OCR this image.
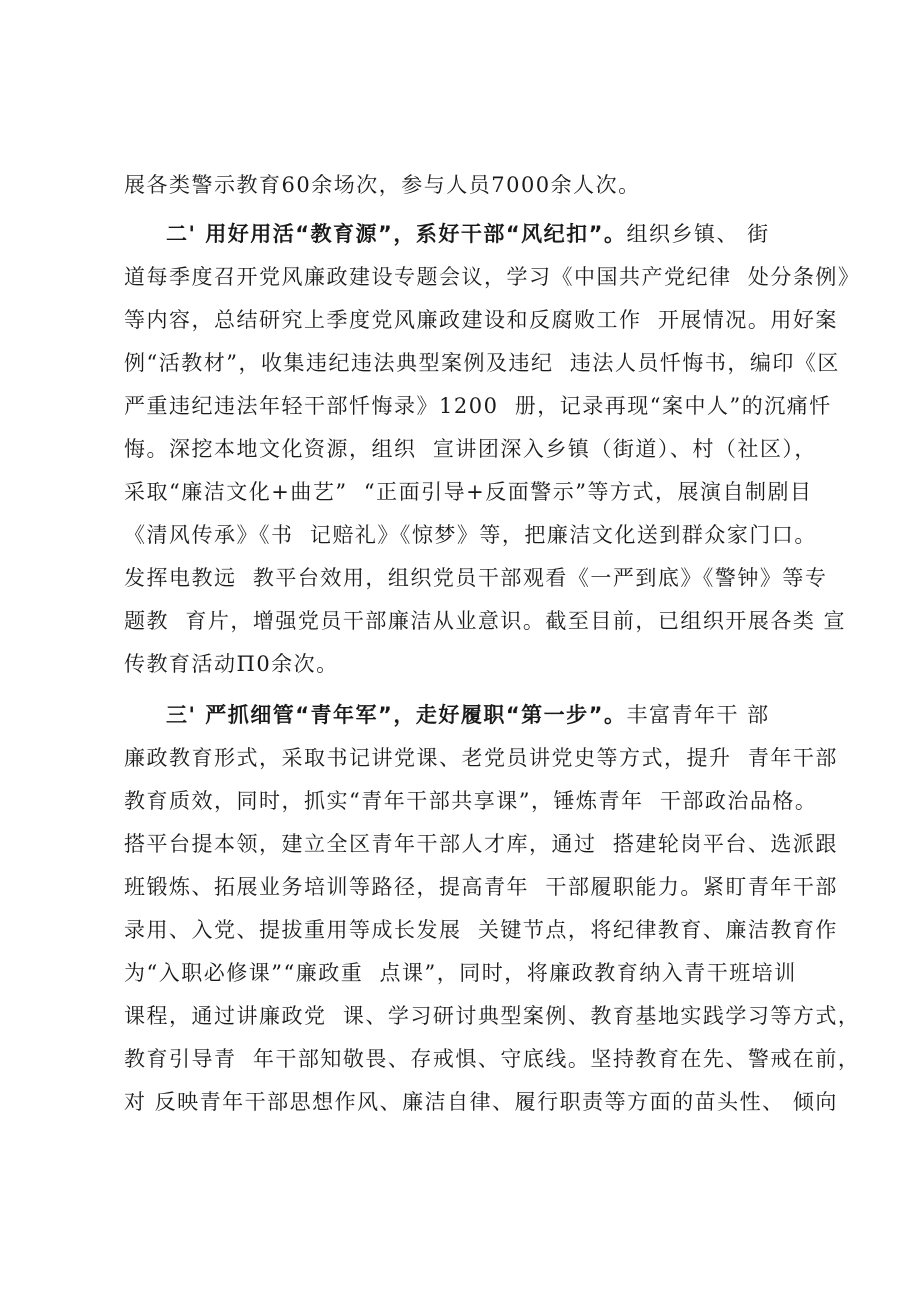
展各类警示教育60余场次，参与人员7000余人次。
二' 用好用活“教育源”，系好干部“风纪扣”。组织乡镇、 街
道每季度召开党风廉政建设专题会议，学习《中国共产党纪律  处分条例》
等内容，总结研究上季度党风廉政建设和反腐败工作  开展情况。用好案
例“活教材”，收集违纪违法典型案例及违纪  违法人员忏悔书，编印《区
严重违纪违法年轻干部忏悔录》1200  册，记录再现“案中人”的沉痛忏
悔。深挖本地文化资源，组织  宣讲团深入乡镇（街道）、村（社区），
采取“廉洁文化+曲艺”  “正面引导+反面警示”等方式，展演自制剧目
《清风传承》《书  记赔礼》《惊梦》等，把廉洁文化送到群众家门口。
发挥电教远  教平台效用，组织党员干部观看《一严到底》《警钟》等专
题教  育片，增强党员干部廉洁从业意识。截至目前，已组织开展各类 宣
传教育活动Π0余次。
三' 严抓细管“青年军”，走好履职“第一步”。丰富青年干 部
廉政教育形式，采取书记讲党课、老党员讲党史等方式，提升  青年干部
教育质效，同时，抓实“青年干部共享课”，锤炼青年  干部政治品格。
搭平台提本领，建立全区青年干部人才库，通过  搭建轮岗平台、选派跟
班锻炼、拓展业务培训等路径，提高青年  干部履职能力。紧盯青年干部
录用、入党、提拔重用等成长发展  关键节点，将纪律教育、廉洁教育作
为“入职必修课”“廉政重  点课”，同时，将廉政教育纳入青干班培训
课程，通过讲廉政党  课、学习研讨典型案例、教育基地实践学习等方式，
教育引导青  年干部知敬畏、存戒惧、守底线。坚持教育在先、警戒在前，
对 反映青年干部思想作风、廉洁自律、履行职责等方面的苗头性、 倾向
